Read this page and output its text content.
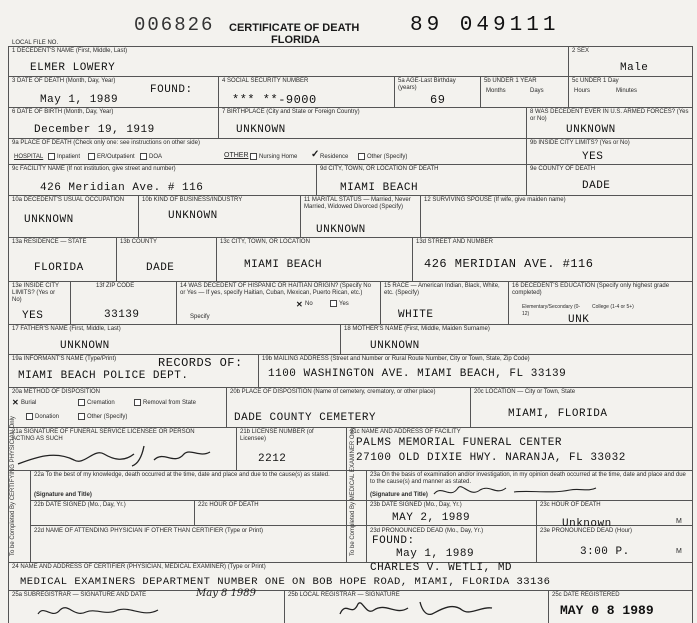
006826
LOCAL FILE NO.
CERTIFICATE OF DEATH
FLORIDA
89 049111
1 DECEDENT'S NAME (First, Middle, Last)
ELMER LOWERY
2 SEX
Male
3 DATE OF DEATH (Month, Day, Year)
FOUND:
May 1, 1989
4 SOCIAL SECURITY NUMBER
*** **-9000
5a AGE-Last Birthday (years)
69
5b UNDER 1 YEAR
Months	Days
5c UNDER 1 Day
Hours	Minutes
6 DATE OF BIRTH (Month, Day, Year)
December 19, 1919
7 BIRTHPLACE (City and State or Foreign Country)
UNKNOWN
8 WAS DECEDENT EVER IN U.S. ARMED FORCES? (Yes or No)
UNKNOWN
9a PLACE OF DEATH (Check only one: see instructions on other side)
HOSPITAL Inpatient	ER/Outpatient DOA	OTHER Nursing Home ✓ Residence	Other (Specify)
9b INSIDE CITY LIMITS? (Yes or No)
YES
9c FACILITY NAME (If not institution, give street and number)
426 Meridian Ave. # 116
9d CITY, TOWN, OR LOCATION OF DEATH
MIAMI BEACH
9e COUNTY OF DEATH
DADE
10a DECEDENT'S USUAL OCCUPATION
UNKNOWN
10b KIND OF BUSINESS/INDUSTRY
UNKNOWN
11 MARITAL STATUS — Married, Never Married, Widowed Divorced (Specify)
UNKNOWN
12 SURVIVING SPOUSE (If wife, give maiden name)
13a RESIDENCE — STATE
FLORIDA
13b COUNTY
DADE
13c CITY, TOWN, OR LOCATION
MIAMI BEACH
13d STREET AND NUMBER
426 MERIDIAN AVE. #116
13e INSIDE CITY LIMITS? (Yes or No)
YES
13f ZIP CODE
33139
14 WAS DECEDENT OF HISPANIC OR HAITIAN ORIGIN? (Specify No or Yes — If yes, specify Haitian, Cuban, Mexican, Puerto Rican, etc.)
✕ No	Yes
Specify
15 RACE — American Indian, Black, White, etc. (Specify)
WHITE
16 DECEDENT'S EDUCATION (Specify only highest grade completed)
Elementary/Secondary (0-12)
College (1-4 or 5+)
UNK
17 FATHER'S NAME (First, Middle, Last)
UNKNOWN
18 MOTHER'S NAME (First, Middle, Maiden Surname)
UNKNOWN
19a INFORMANT'S NAME (Type/Print)	RECORDS OF:
MIAMI BEACH POLICE DEPT.
19b MAILING ADDRESS (Street and Number or Rural Route Number, City or Town, State, Zip Code)
1100 WASHINGTON AVE. MIAMI BEACH, FL 33139
20a METHOD OF DISPOSITION
✕ Burial	Cremation	Removal from State
Donation	Other (Specify)
20b PLACE OF DISPOSITION (Name of cemetery, crematory, or other place)
DADE COUNTY CEMETERY
20c LOCATION — City or Town, State
MIAMI, FLORIDA
21a SIGNATURE OF FUNERAL SERVICE LICENSEE OR PERSON ACTING AS SUCH
21b LICENSE NUMBER (of Licensee)
2212
21c NAME AND ADDRESS OF FACILITY
PALMS MEMORIAL FUNERAL CENTER
27100 OLD DIXIE HWY. NARANJA, FL 33032
To be Completed By CERTIFYING PHYSICIAN Only	To be Completed By MEDICAL EXAMINER Only
22a To the best of my knowledge, death occurred at the time, date and place and due to the cause(s) as stated.
(Signature and Title)
22b DATE SIGNED (Mo., Day, Yr.)	22c HOUR OF DEATH
22d NAME OF ATTENDING PHYSICIAN IF OTHER THAN CERTIFIER (Type or Print)
23a On the basis of examination and/or investigation, in my opinion death occurred at the time, date and place and due to the cause(s) and manner as stated.
(Signature and Title)
23b DATE SIGNED (Mo., Day, Yr.)
MAY 2, 1989
23c HOUR OF DEATH
Unknown	M
23d PRONOUNCED DEAD (Mo., Day, Yr.)
FOUND:
May 1, 1989
23e PRONOUNCED DEAD (Hour)
3:00 P.	M
24 NAME AND ADDRESS OF CERTIFIER (PHYSICIAN, MEDICAL EXAMINER) (Type or Print)	CHARLES V. WETLI, MD
MEDICAL EXAMINERS DEPARTMENT NUMBER ONE ON BOB HOPE ROAD, MIAMI, FLORIDA 33136
25a SUBREGISTRAR — SIGNATURE AND DATE	May 8 1989	25b LOCAL REGISTRAR — SIGNATURE	25c DATE REGISTERED
MAY 0 8 1989
